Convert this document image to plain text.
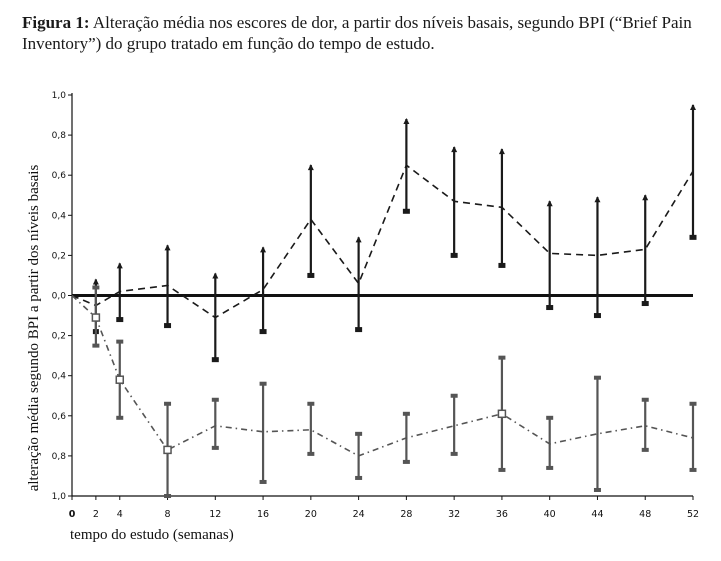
Figura 1: Alteração média nos escores de dor, a partir dos níveis basais, segundo BPI (“Brief Pain Inventory”) do grupo tratado em função do tempo de estudo.
1,0
0,8
0,6
0,4
0,2
0,0
0,2
0,4
0,6
0,8
1,0
0 2 4	8	12	16	20	24	28	32	36	40	44	48	52
alteração média segundo BPI a partir dos níveis basais
tempo do estudo (semanas)
